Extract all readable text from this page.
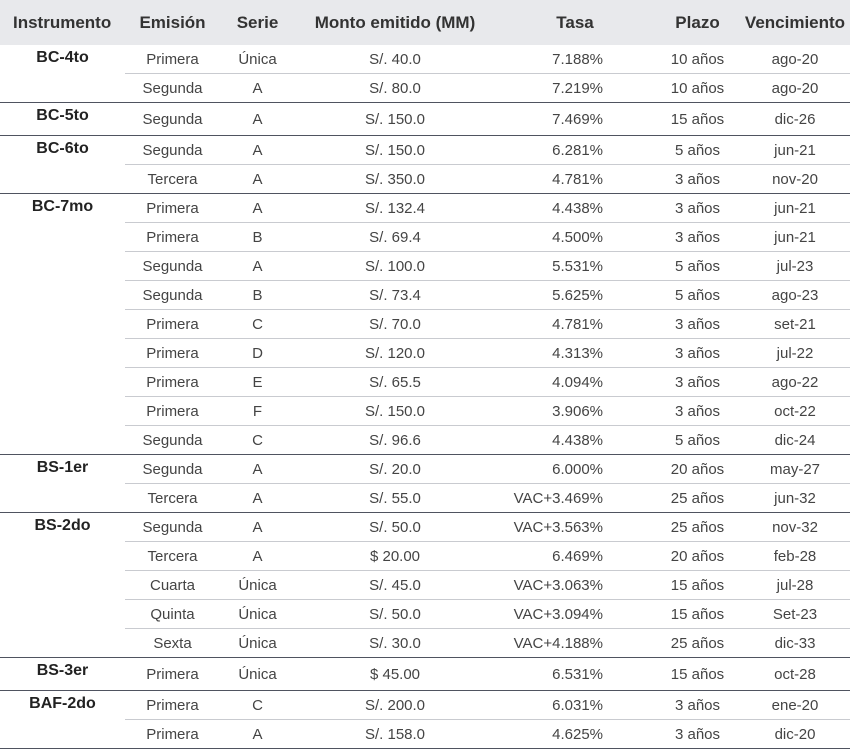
Instrumento	Emisión	Serie	Monto emitido (MM)	Tasa	Plazo	Vencimiento
BC-4to	Primera	Única	S/. 40.0	7.188%	10 años	ago-20
	Segunda	A	S/. 80.0	7.219%	10 años	ago-20
BC-5to	Segunda	A	S/. 150.0	7.469%	15 años	dic-26
BC-6to	Segunda	A	S/. 150.0	6.281%	5 años	jun-21
	Tercera	A	S/. 350.0	4.781%	3 años	nov-20
BC-7mo	Primera	A	S/. 132.4	4.438%	3 años	jun-21
	Primera	B	S/. 69.4	4.500%	3 años	jun-21
	Segunda	A	S/. 100.0	5.531%	5 años	jul-23
	Segunda	B	S/. 73.4	5.625%	5 años	ago-23
	Primera	C	S/. 70.0	4.781%	3 años	set-21
	Primera	D	S/. 120.0	4.313%	3 años	jul-22
	Primera	E	S/. 65.5	4.094%	3 años	ago-22
	Primera	F	S/. 150.0	3.906%	3 años	oct-22
	Segunda	C	S/. 96.6	4.438%	5 años	dic-24
BS-1er	Segunda	A	S/. 20.0	6.000%	20 años	may-27
	Tercera	A	S/. 55.0	VAC+3.469%	25 años	jun-32
BS-2do	Segunda	A	S/. 50.0	VAC+3.563%	25 años	nov-32
	Tercera	A	$ 20.00	6.469%	20 años	feb-28
	Cuarta	Única	S/. 45.0	VAC+3.063%	15 años	jul-28
	Quinta	Única	S/. 50.0	VAC+3.094%	15 años	Set-23
	Sexta	Única	S/. 30.0	VAC+4.188%	25 años	dic-33
BS-3er	Primera	Única	$ 45.00	6.531%	15 años	oct-28
BAF-2do	Primera	C	S/. 200.0	6.031%	3 años	ene-20
	Primera	A	S/. 158.0	4.625%	3 años	dic-20
